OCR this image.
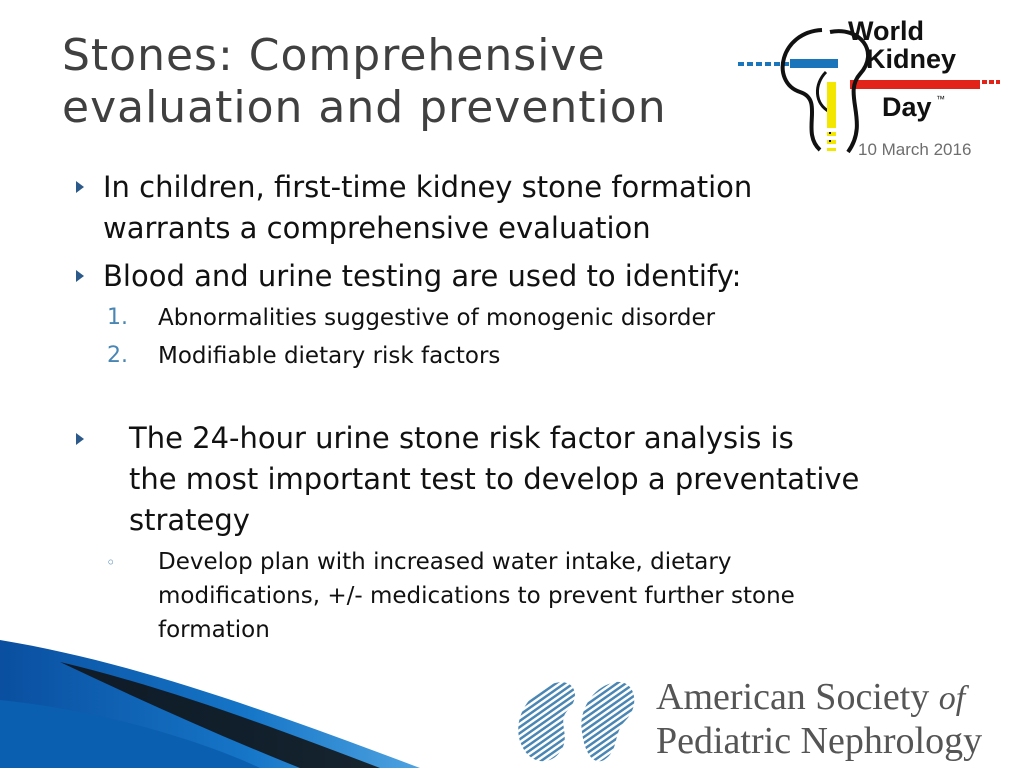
Stones: Comprehensive
evaluation and prevention
World
Kidney
Day ™
10 March 2016
In children, first-time kidney stone formation
warrants a comprehensive evaluation
Blood and urine testing are used to identify:
1. Abnormalities suggestive of monogenic disorder
2. Modifiable dietary risk factors
The 24-hour urine stone risk factor analysis is
the most important test to develop a preventative
strategy
◦ Develop plan with increased water intake, dietary
modifications, +/- medications to prevent further stone
formation
American Society of
Pediatric Nephrology
